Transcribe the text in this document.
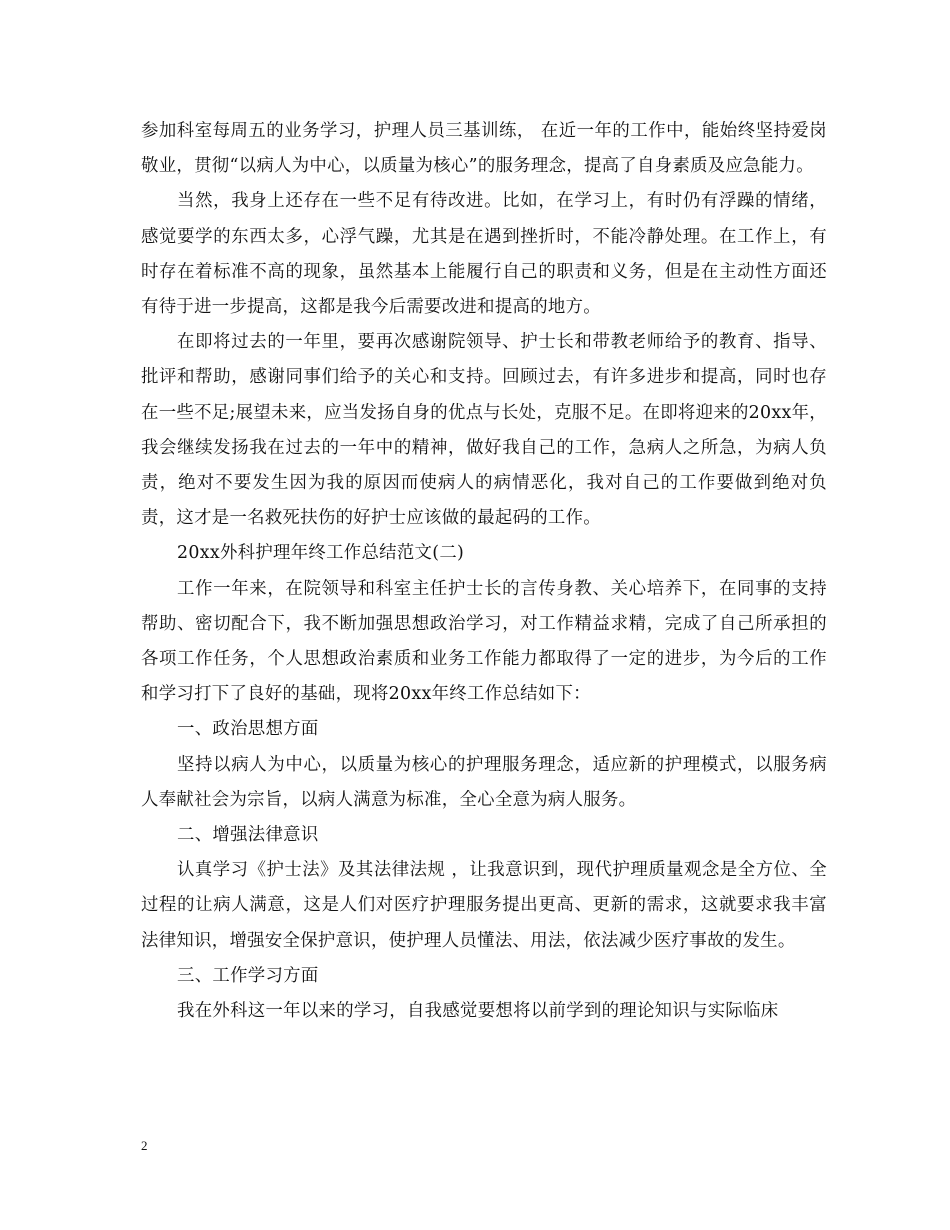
参加科室每周五的业务学习，护理人员三基训练， 在近一年的工作中，能始终坚持爱岗敬业，贯彻“以病人为中心，以质量为核心”的服务理念，提高了自身素质及应急能力。

当然，我身上还存在一些不足有待改进。比如，在学习上，有时仍有浮躁的情绪，感觉要学的东西太多，心浮气躁，尤其是在遇到挫折时，不能冷静处理。在工作上，有时存在着标准不高的现象，虽然基本上能履行自己的职责和义务，但是在主动性方面还有待于进一步提高，这都是我今后需要改进和提高的地方。

在即将过去的一年里，要再次感谢院领导、护士长和带教老师给予的教育、指导、批评和帮助，感谢同事们给予的关心和支持。回顾过去，有许多进步和提高，同时也存在一些不足;展望未来，应当发扬自身的优点与长处，克服不足。在即将迎来的20xx年，我会继续发扬我在过去的一年中的精神，做好我自己的工作，急病人之所急，为病人负责，绝对不要发生因为我的原因而使病人的病情恶化，我对自己的工作要做到绝对负责，这才是一名救死扶伤的好护士应该做的最起码的工作。

20xx外科护理年终工作总结范文(二)

工作一年来，在院领导和科室主任护士长的言传身教、关心培养下，在同事的支持帮助、密切配合下，我不断加强思想政治学习，对工作精益求精，完成了自己所承担的各项工作任务，个人思想政治素质和业务工作能力都取得了一定的进步，为今后的工作和学习打下了良好的基础，现将20xx年终工作总结如下：

一、政治思想方面

坚持以病人为中心，以质量为核心的护理服务理念，适应新的护理模式，以服务病人奉献社会为宗旨，以病人满意为标准，全心全意为病人服务。

二、增强法律意识

认真学习《护士法》及其法律法规 ，让我意识到，现代护理质量观念是全方位、全过程的让病人满意，这是人们对医疗护理服务提出更高、更新的需求，这就要求我丰富法律知识，增强安全保护意识，使护理人员懂法、用法，依法减少医疗事故的发生。

三、工作学习方面

我在外科这一年以来的学习，自我感觉要想将以前学到的理论知识与实际临床

2
